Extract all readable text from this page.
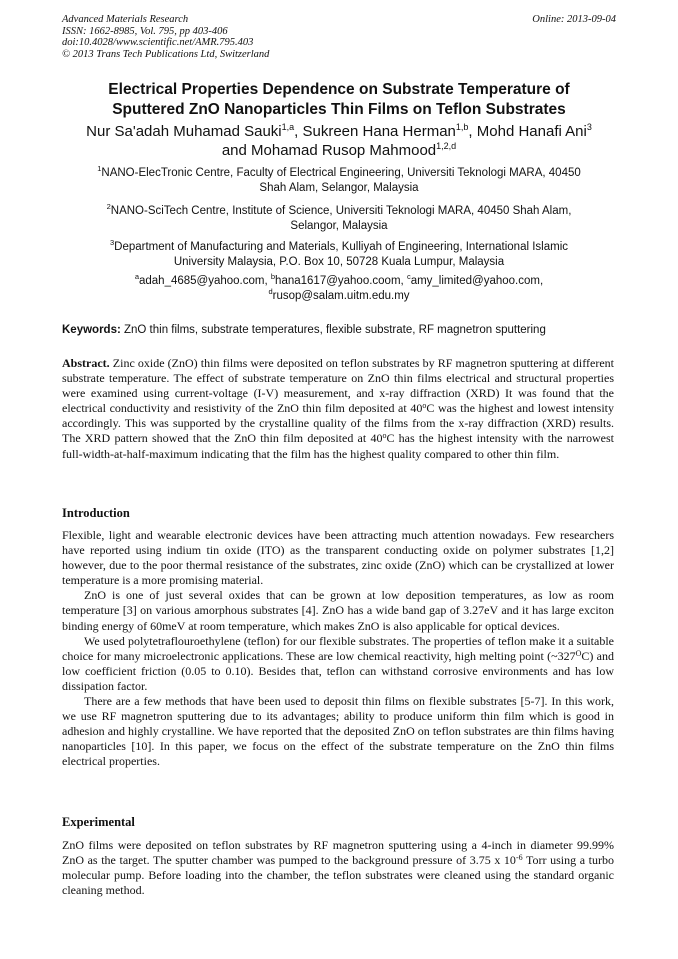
Advanced Materials Research
ISSN: 1662-8985, Vol. 795, pp 403-406
doi:10.4028/www.scientific.net/AMR.795.403
© 2013 Trans Tech Publications Ltd, Switzerland
Online: 2013-09-04
Electrical Properties Dependence on Substrate Temperature of
Sputtered ZnO Nanoparticles Thin Films on Teflon Substrates
Nur Sa'adah Muhamad Sauki$^{1,a}$, Sukreen Hana Herman$^{1,b}$, Mohd Hanafi Ani$^3$
and Mohamad Rusop Mahmood$^{1,2,d}$
$^1$NANO-ElecTronic Centre, Faculty of Electrical Engineering, Universiti Teknologi MARA, 40450
Shah Alam, Selangor, Malaysia
$^2$NANO-SciTech Centre, Institute of Science, Universiti Teknologi MARA, 40450 Shah Alam,
Selangor, Malaysia
$^3$Department of Manufacturing and Materials, Kulliyah of Engineering, International Islamic
University Malaysia, P.O. Box 10, 50728 Kuala Lumpur, Malaysia
$^a$adah_4685@yahoo.com, $^b$hana1617@yahoo.coom, $^c$amy_limited@yahoo.com,
$^d$rusop@salam.uitm.edu.my
Keywords: ZnO thin films, substrate temperatures, flexible substrate, RF magnetron sputtering
Abstract. Zinc oxide (ZnO) thin films were deposited on teflon substrates by RF magnetron sputtering at different substrate temperature. The effect of substrate temperature on ZnO thin films electrical and structural properties were examined using current-voltage (I-V) measurement, and x-ray diffraction (XRD) It was found that the electrical conductivity and resistivity of the ZnO thin film deposited at 40$^o$C was the highest and lowest intensity accordingly. This was supported by the crystalline quality of the films from the x-ray diffraction (XRD) results. The XRD pattern showed that the ZnO thin film deposited at 40$^o$C has the highest intensity with the narrowest full-width-at-half-maximum indicating that the film has the highest quality compared to other thin film.
Introduction

Flexible, light and wearable electronic devices have been attracting much attention nowadays. Few researchers have reported using indium tin oxide (ITO) as the transparent conducting oxide on polymer substrates [1,2] however, due to the poor thermal resistance of the substrates, zinc oxide (ZnO) which can be crystallized at lower temperature is a more promising material.

ZnO is one of just several oxides that can be grown at low deposition temperatures, as low as room temperature [3] on various amorphous substrates [4]. ZnO has a wide band gap of 3.27eV and it has large exciton binding energy of 60meV at room temperature, which makes ZnO is also applicable for optical devices.

We used polytetraflouroethylene (teflon) for our flexible substrates. The properties of teflon make it a suitable choice for many microelectronic applications. These are low chemical reactivity, high melting point $(\sim 327^OC)$ and low coefficient friction (0.05 to 0.10). Besides that, teflon can withstand corrosive environments and has low dissipation factor.

There are a few methods that have been used to deposit thin films on flexible substrates [5-7]. In this work, we use RF magnetron sputtering due to its advantages; ability to produce uniform thin film which is good in adhesion and highly crystalline. We have reported that the deposited ZnO on teflon substrates are thin films having nanoparticles [10]. In this paper, we focus on the effect of the substrate temperature on the ZnO thin films electrical properties.

Experimental

ZnO films were deposited on teflon substrates by RF magnetron sputtering using a 4-inch in diameter 99.99% ZnO as the target. The sputter chamber was pumped to the background pressure of 3.75 x $10^{-6}$ Torr using a turbo molecular pump. Before loading into the chamber, the teflon substrates were cleaned using the standard organic cleaning method.
